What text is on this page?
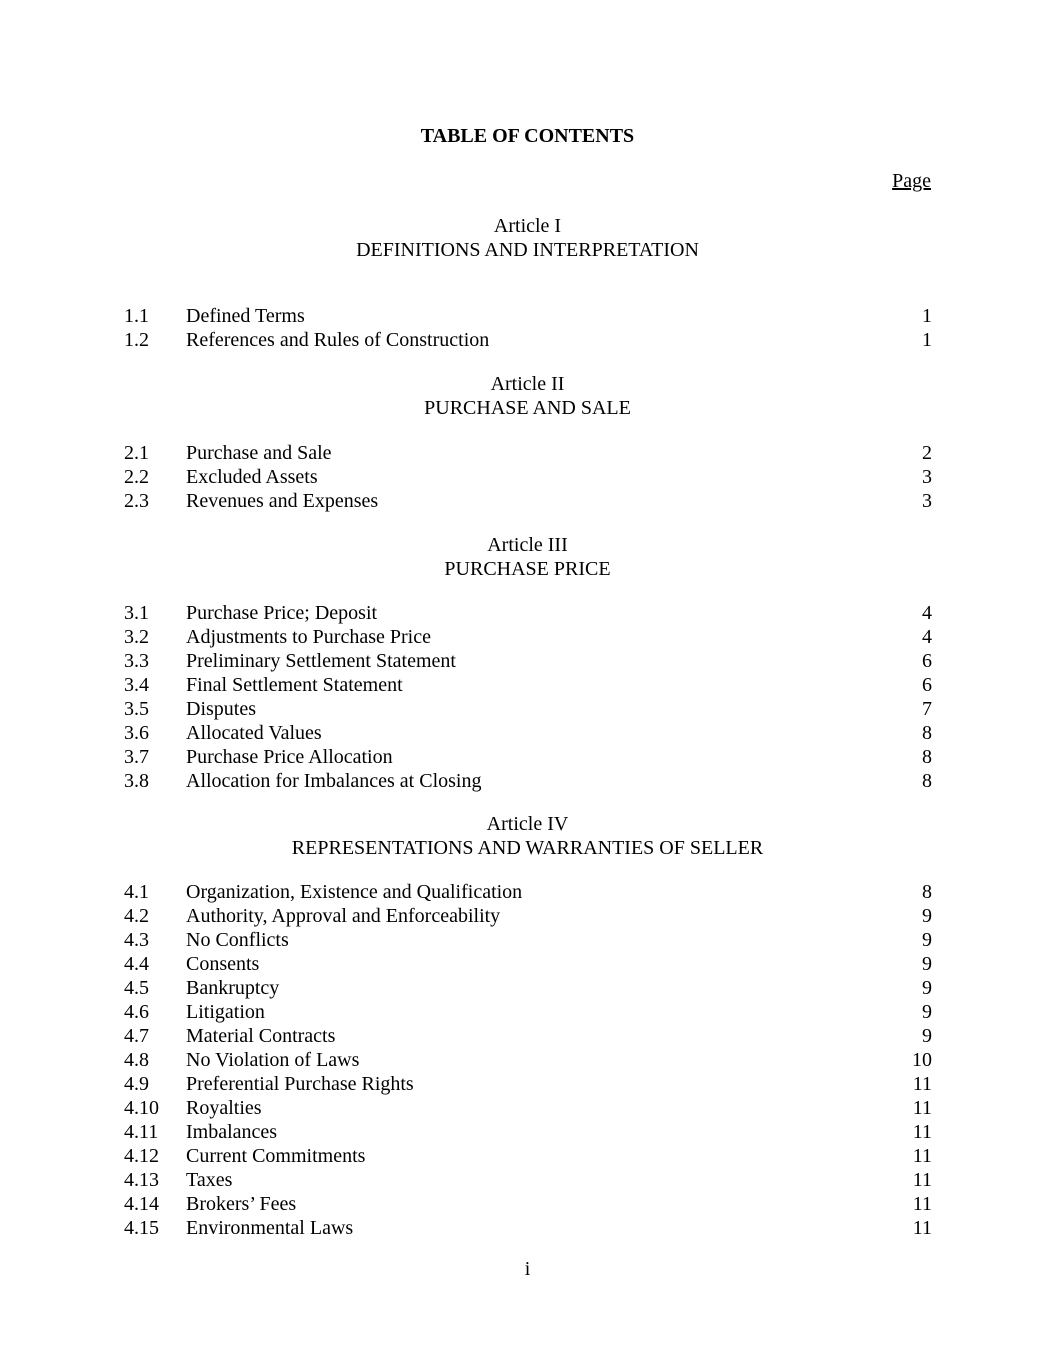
TABLE OF CONTENTS
Page
Article I
DEFINITIONS AND INTERPRETATION
1.1 Defined Terms	1
1.2 References and Rules of Construction	1
Article II
PURCHASE AND SALE
2.1 Purchase and Sale	2
2.2 Excluded Assets	3
2.3 Revenues and Expenses	3
Article III
PURCHASE PRICE
3.1 Purchase Price; Deposit	4
3.2 Adjustments to Purchase Price	4
3.3 Preliminary Settlement Statement	6
3.4 Final Settlement Statement	6
3.5 Disputes	7
3.6 Allocated Values	8
3.7 Purchase Price Allocation	8
3.8 Allocation for Imbalances at Closing	8
Article IV
REPRESENTATIONS AND WARRANTIES OF SELLER
4.1 Organization, Existence and Qualification	8
4.2 Authority, Approval and Enforceability	9
4.3 No Conflicts	9
4.4 Consents	9
4.5 Bankruptcy	9
4.6 Litigation	9
4.7 Material Contracts	9
4.8 No Violation of Laws	10
4.9 Preferential Purchase Rights	11
4.10 Royalties	11
4.11 Imbalances	11
4.12 Current Commitments	11
4.13 Taxes	11
4.14 Brokers’ Fees	11
4.15 Environmental Laws	11
i
